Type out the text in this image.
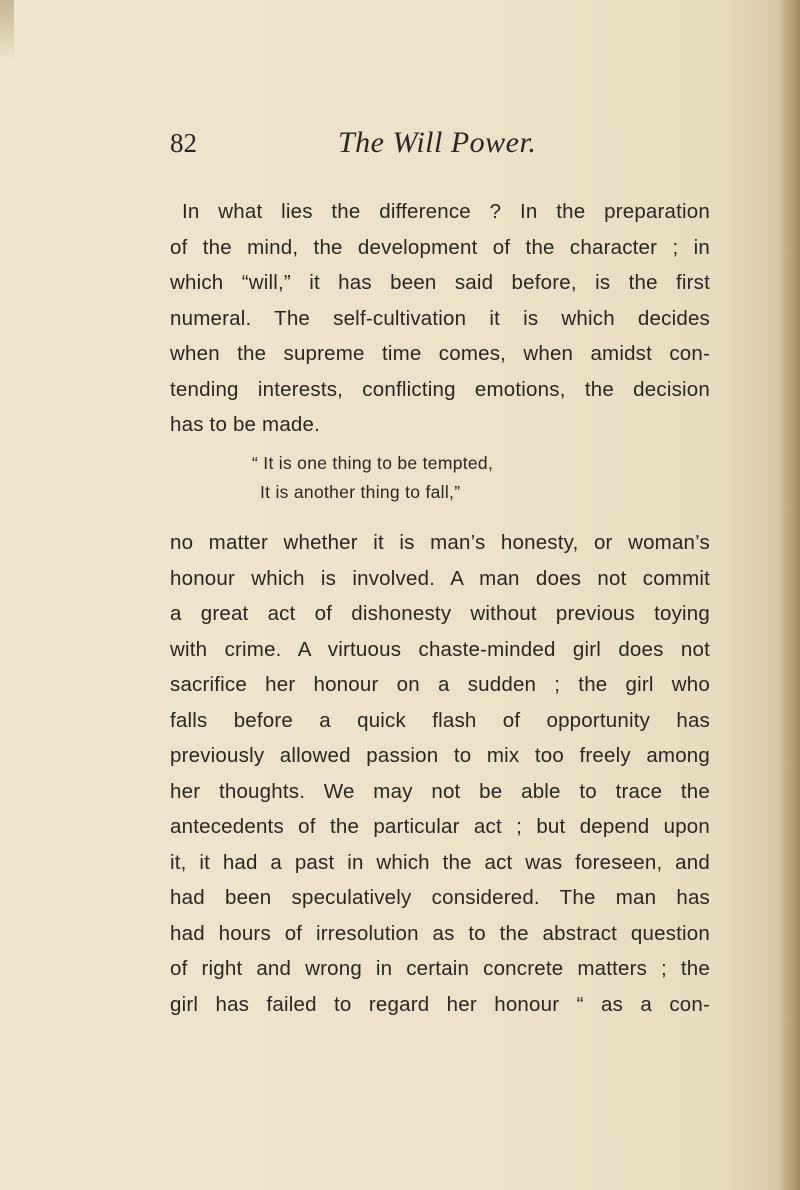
82	The Will Power.
In what lies the difference ? In the preparation
of the mind, the development of the character ; in
which “will,” it has been said before, is the first
numeral. The self-cultivation it is which decides
when the supreme time comes, when amidst con-
tending interests, conflicting emotions, the decision
has to be made.
“ It is one thing to be tempted,
It is another thing to fall,”
no matter whether it is man’s honesty, or woman’s
honour which is involved. A man does not commit
a great act of dishonesty without previous toying
with crime. A virtuous chaste-minded girl does not
sacrifice her honour on a sudden ; the girl who
falls before a quick flash of opportunity has
previously allowed passion to mix too freely among
her thoughts. We may not be able to trace the
antecedents of the particular act ; but depend upon
it, it had a past in which the act was foreseen, and
had been speculatively considered. The man has
had hours of irresolution as to the abstract question
of right and wrong in certain concrete matters ; the
girl has failed to regard her honour “ as a con-
